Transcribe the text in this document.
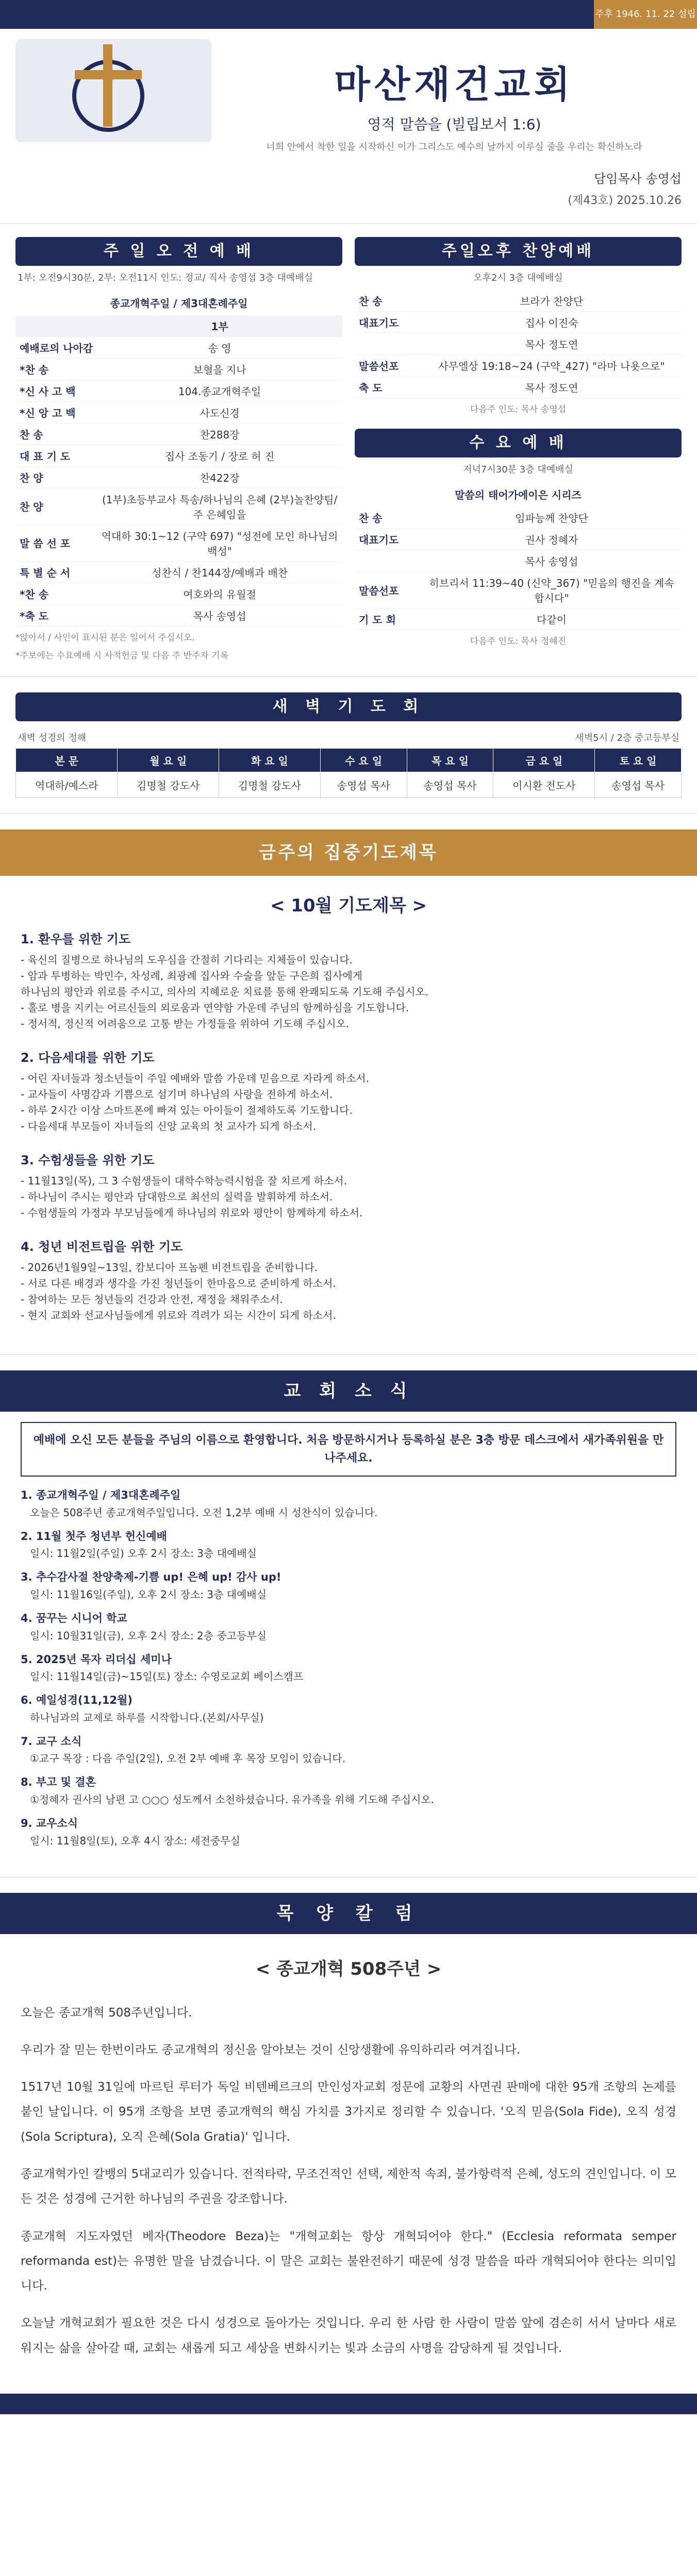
주후 1946. 11. 22 설립
마산재건교회
영적 말씀을 (빌립보서 1:6)
너희 안에서 착한 일을 시작하신 이가 그리스도 예수의 날까지 이루실 줄을 우리는 확신하노라
담임목사 송영섭
(제43호) 2025.10.26
주 일 오 전 예 배
1부: 오전9시30분, 2부: 오전11시 인도: 정교/ 직사 송영섭 3층 대예배실
종교개혁주일 / 제3대혼례주일
	1부
예배로의 나아감	송 영
*찬 송	보혈을 지나
*신 사 고 백	104.종교개혁주일
*신 앙 고 백	사도신경
찬 송	찬288장
대 표 기 도	집사 조동기 / 장로 허 진
찬 양	찬422장
찬 양	(1부)초등부교사 특송/하나님의 은혜 (2부)놀찬양팀/주 은혜임을
말 씀 선 포	역대하 30:1~12 (구약 697) "성전에 모인 하나님의 백성"
특 별 순 서	성찬식 / 찬144장/예배과 배찬
*찬 송	여호와의 유월절
*축 도	목사 송영섭
*앉아서 / 사인이 표시된 분은 일어서 주십시오.
*주보에는 수요예배 시 사적헌금 및 다음 주 반주자 기록
주일오후 찬양예배
오후2시 3층 대예배실
찬 송	브라가 찬양단
대표기도	집사 이진숙
	목사 정도연
말씀선포	사무엘상 19:18~24 (구약_427) "라마 나욧으로"
축 도	목사 정도연
다음주 인도: 목사 송영섭
수 요 예 배
저녁7시30분 3층 대예배실
말씀의 태어가에이은 시리즈
찬 송	임파능께 찬양단
대표기도	권사 정혜자
	목사 송영섭
말씀선포	히브리서 11:39~40 (신약_367) "믿음의 행진을 계속합시다"
기 도 회	다같이
다음주 인도: 목사 정혜진
새 벽 기 도 회
새벽 성경의 정해	새벽5시 / 2층 중고등부실
본 문	월 요 일	화 요 일	수 요 일	목 요 일	금 요 일	토 요 일
역대하/예스라	김명철 강도사	김명철 강도사	송영섭 목사	송영섭 목사	이시환 전도사	송영섭 목사
금주의 집중기도제목
< 10월 기도제목 >
1. 환우를 위한 기도
- 육신의 질병으로 하나님의 도우심을 간절히 기다리는 지체들이 있습니다.
- 암과 투병하는 박민수, 차성례, 최광례 집사와 수술을 앞둔 구은희 집사에게
하나님의 평안과 위로를 주시고, 의사의 지혜로운 치료를 통해 완쾌되도록 기도해 주십시오.
- 홀로 병을 지키는 어르신들의 외로움과 연약함 가운데 주님의 함께하심을 기도합니다.
- 정서적, 정신적 어려움으로 고통 받는 가정들을 위하여 기도해 주십시오.
2. 다음세대를 위한 기도
- 어린 자녀들과 청소년들이 주일 예배와 말씀 가운데 믿음으로 자라게 하소서.
- 교사들이 사명감과 기쁨으로 섬기며 하나님의 사랑을 전하게 하소서.
- 하루 2시간 이상 스마트폰에 빠져 있는 아이들이 절제하도록 기도합니다.
- 다음세대 부모들이 자녀들의 신앙 교육의 첫 교사가 되게 하소서.
3. 수험생들을 위한 기도
- 11월13일(목), 그 3 수험생들이 대학수학능력시험을 잘 치르게 하소서.
- 하나님이 주시는 평안과 담대함으로 최선의 실력을 발휘하게 하소서.
- 수험생들의 가정과 부모님들에게 하나님의 위로와 평안이 함께하게 하소서.
4. 청년 비전트립을 위한 기도
- 2026년1월9일~13일, 캄보디아 프놈펜 비전트립을 준비합니다.
- 서로 다른 배경과 생각을 가진 청년들이 한마음으로 준비하게 하소서.
- 참여하는 모든 청년들의 건강과 안전, 재정을 채워주소서.
- 현지 교회와 선교사님들에게 위로와 격려가 되는 시간이 되게 하소서.
교 회 소 식
예배에 오신 모든 분들을 주님의 이름으로 환영합니다. 처음 방문하시거나 등록하실 분은 3층 방문 데스크에서 새가족위원을 만나주세요.
1. 종교개혁주일 / 제3대혼례주일

오늘은 508주년 종교개혁주일입니다. 오전 1,2부 예배 시 성찬식이 있습니다.

2. 11월 첫주 청년부 헌신예배

일시: 11월2일(주일) 오후 2시 장소: 3층 대예배실

3. 추수감사절 찬양축제-기쁨 up! 은혜 up! 감사 up!

일시: 11월16일(주일), 오후 2시 장소: 3층 대예배실

4. 꿈꾸는 시니어 학교

일시: 10월31일(금), 오후 2시 장소: 2층 중고등부실

5. 2025년 목자 리더십 세미나

일시: 11월14일(금)~15일(토) 장소: 수영로교회 베이스캠프

6. 예일성경(11,12월)

하나님과의 교제로 하루를 시작합니다.(본회/사무실)

7. 교구 소식

①교구 목장 : 다음 주일(2일), 오전 2부 예배 후 목장 모임이 있습니다.

8. 부고 및 결혼

①정혜자 권사의 남편 고 ○○○ 성도께서 소천하셨습니다. 유가족을 위해 기도해 주십시오.

9. 교우소식

일시: 11월8일(토), 오후 4시 장소: 세전중무실

목 양 칼 럼
< 종교개혁 508주년 >

오늘은 종교개혁 508주년입니다.

우리가 잘 믿는 한번이라도 종교개혁의 정신을 알아보는 것이 신앙생활에 유익하리라 여겨집니다.

1517년 10월 31일에 마르틴 루터가 독일 비텐베르크의 만인성자교회 정문에 교황의 사면권 판매에 대한 95개 조항의 논제를 붙인 날입니다. 이 95개 조항을 보면 종교개혁의 핵심 가치를 3가지로 정리할 수 있습니다. '오직 믿음(Sola Fide), 오직 성경(Sola Scriptura), 오직 은혜(Sola Gratia)' 입니다.

종교개혁가인 칼뱅의 5대교리가 있습니다. 전적타락, 무조건적인 선택, 제한적 속죄, 불가항력적 은혜, 성도의 견인입니다. 이 모든 것은 성경에 근거한 하나님의 주권을 강조합니다.

종교개혁 지도자였던 베자(Theodore Beza)는 "개혁교회는 항상 개혁되어야 한다." (Ecclesia reformata semper reformanda est)는 유명한 말을 남겼습니다. 이 말은 교회는 불완전하기 때문에 성경 말씀을 따라 개혁되어야 한다는 의미입니다.

오늘날 개혁교회가 필요한 것은 다시 성경으로 돌아가는 것입니다. 우리 한 사람 한 사람이 말씀 앞에 겸손히 서서 날마다 새로워지는 삶을 살아갈 때, 교회는 새롭게 되고 세상을 변화시키는 빛과 소금의 사명을 감당하게 될 것입니다.
